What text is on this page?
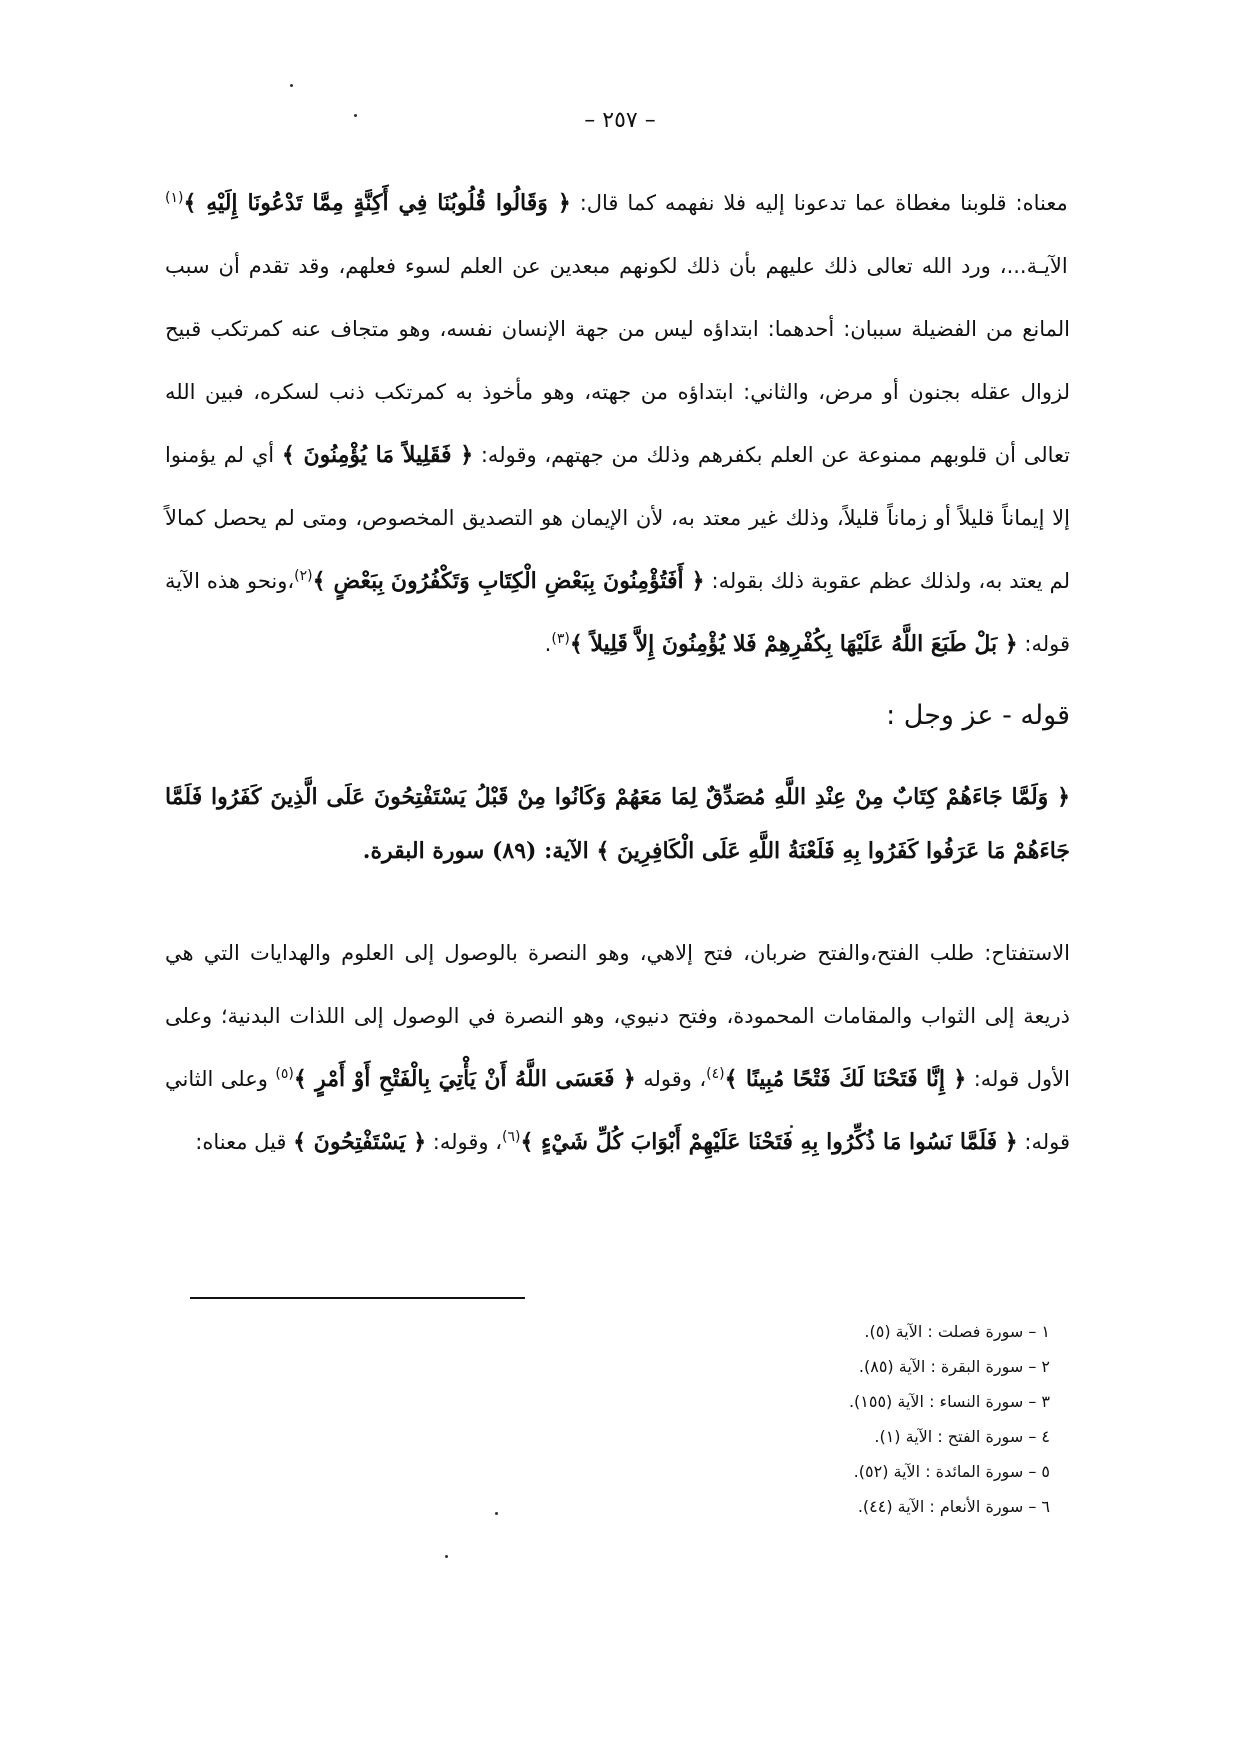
– ٢٥٧ –

معناه: قلوبنا مغطاة عما تدعونا إليه فلا نفهمه كما قال: ﴿ وَقَالُوا قُلُوبُنَا فِي أَكِنَّةٍ مِمَّا تَدْعُونَا إِلَيْهِ ﴾$^{(١)}$ الآيـة...، ورد الله تعالى ذلك عليهم بأن ذلك لكونهم مبعدين عن العلم لسوء فعلهم، وقد تقدم أن سبب المانع من الفضيلة سببان: أحدهما: ابتداؤه ليس من جهة الإنسان نفسه، وهو متجاف عنه كمرتكب قبيح لزوال عقله بجنون أو مرض، والثاني: ابتداؤه من جهته، وهو مأخوذ به كمرتكب ذنب لسكره، فبين الله تعالى أن قلوبهم ممنوعة عن العلم بكفرهم وذلك من جهتهم، وقوله: ﴿ فَقَلِيلاً مَا يُؤْمِنُونَ ﴾ أي لم يؤمنوا إلا إيماناً قليلاً أو زماناً قليلاً، وذلك غير معتد به، لأن الإيمان هو التصديق المخصوص، ومتى لم يحصل كمالاً لم يعتد به، ولذلك عظم عقوبة ذلك بقوله: ﴿ أَفَتُؤْمِنُونَ بِبَعْضِ الْكِتَابِ وَتَكْفُرُونَ بِبَعْضٍ ﴾$^{(٢)}$،ونحو هذه الآية قوله: ﴿ بَلْ طَبَعَ اللَّهُ عَلَيْهَا بِكُفْرِهِمْ فَلا يُؤْمِنُونَ إِلاَّ قَلِيلاً ﴾$^{(٣)}$.

قوله - عز وجل :

﴿ وَلَمَّا جَاءَهُمْ كِتَابٌ مِنْ عِنْدِ اللَّهِ مُصَدِّقٌ لِمَا مَعَهُمْ وَكَانُوا مِنْ قَبْلُ يَسْتَفْتِحُونَ عَلَى الَّذِينَ كَفَرُوا فَلَمَّا جَاءَهُمْ مَا عَرَفُوا كَفَرُوا بِهِ فَلَعْنَةُ اللَّهِ عَلَى الْكَافِرِينَ ﴾ الآية: (٨٩) سورة البقرة.

الاستفتاح: طلب الفتح،والفتح ضربان، فتح إلاهي، وهو النصرة بالوصول إلى العلوم والهدايات التي هي ذريعة إلى الثواب والمقامات المحمودة، وفتح دنيوي، وهو النصرة في الوصول إلى اللذات البدنية؛ وعلى الأول قوله: ﴿ إِنَّا فَتَحْنَا لَكَ فَتْحًا مُبِينًا ﴾$^{(٤)}$، وقوله ﴿ فَعَسَى اللَّهُ أَنْ يَأْتِيَ بِالْفَتْحِ أَوْ أَمْرٍ ﴾$^{(٥)}$ وعلى الثاني قوله: ﴿ فَلَمَّا نَسُوا مَا ذُكِّرُوا بِهِ فَتَحْنَا عَلَيْهِمْ أَبْوَابَ كُلِّ شَيْءٍ ﴾$^{(٦)}$، وقوله: ﴿ يَسْتَفْتِحُونَ ﴾ قيل معناه:

١ – سورة فصلت : الآية (٥).
٢ – سورة البقرة : الآية (٨٥).
٣ – سورة النساء : الآية (١٥٥).
٤ – سورة الفتح : الآية (١).
٥ – سورة المائدة : الآية (٥٢).
٦ – سورة الأنعام : الآية (٤٤).
